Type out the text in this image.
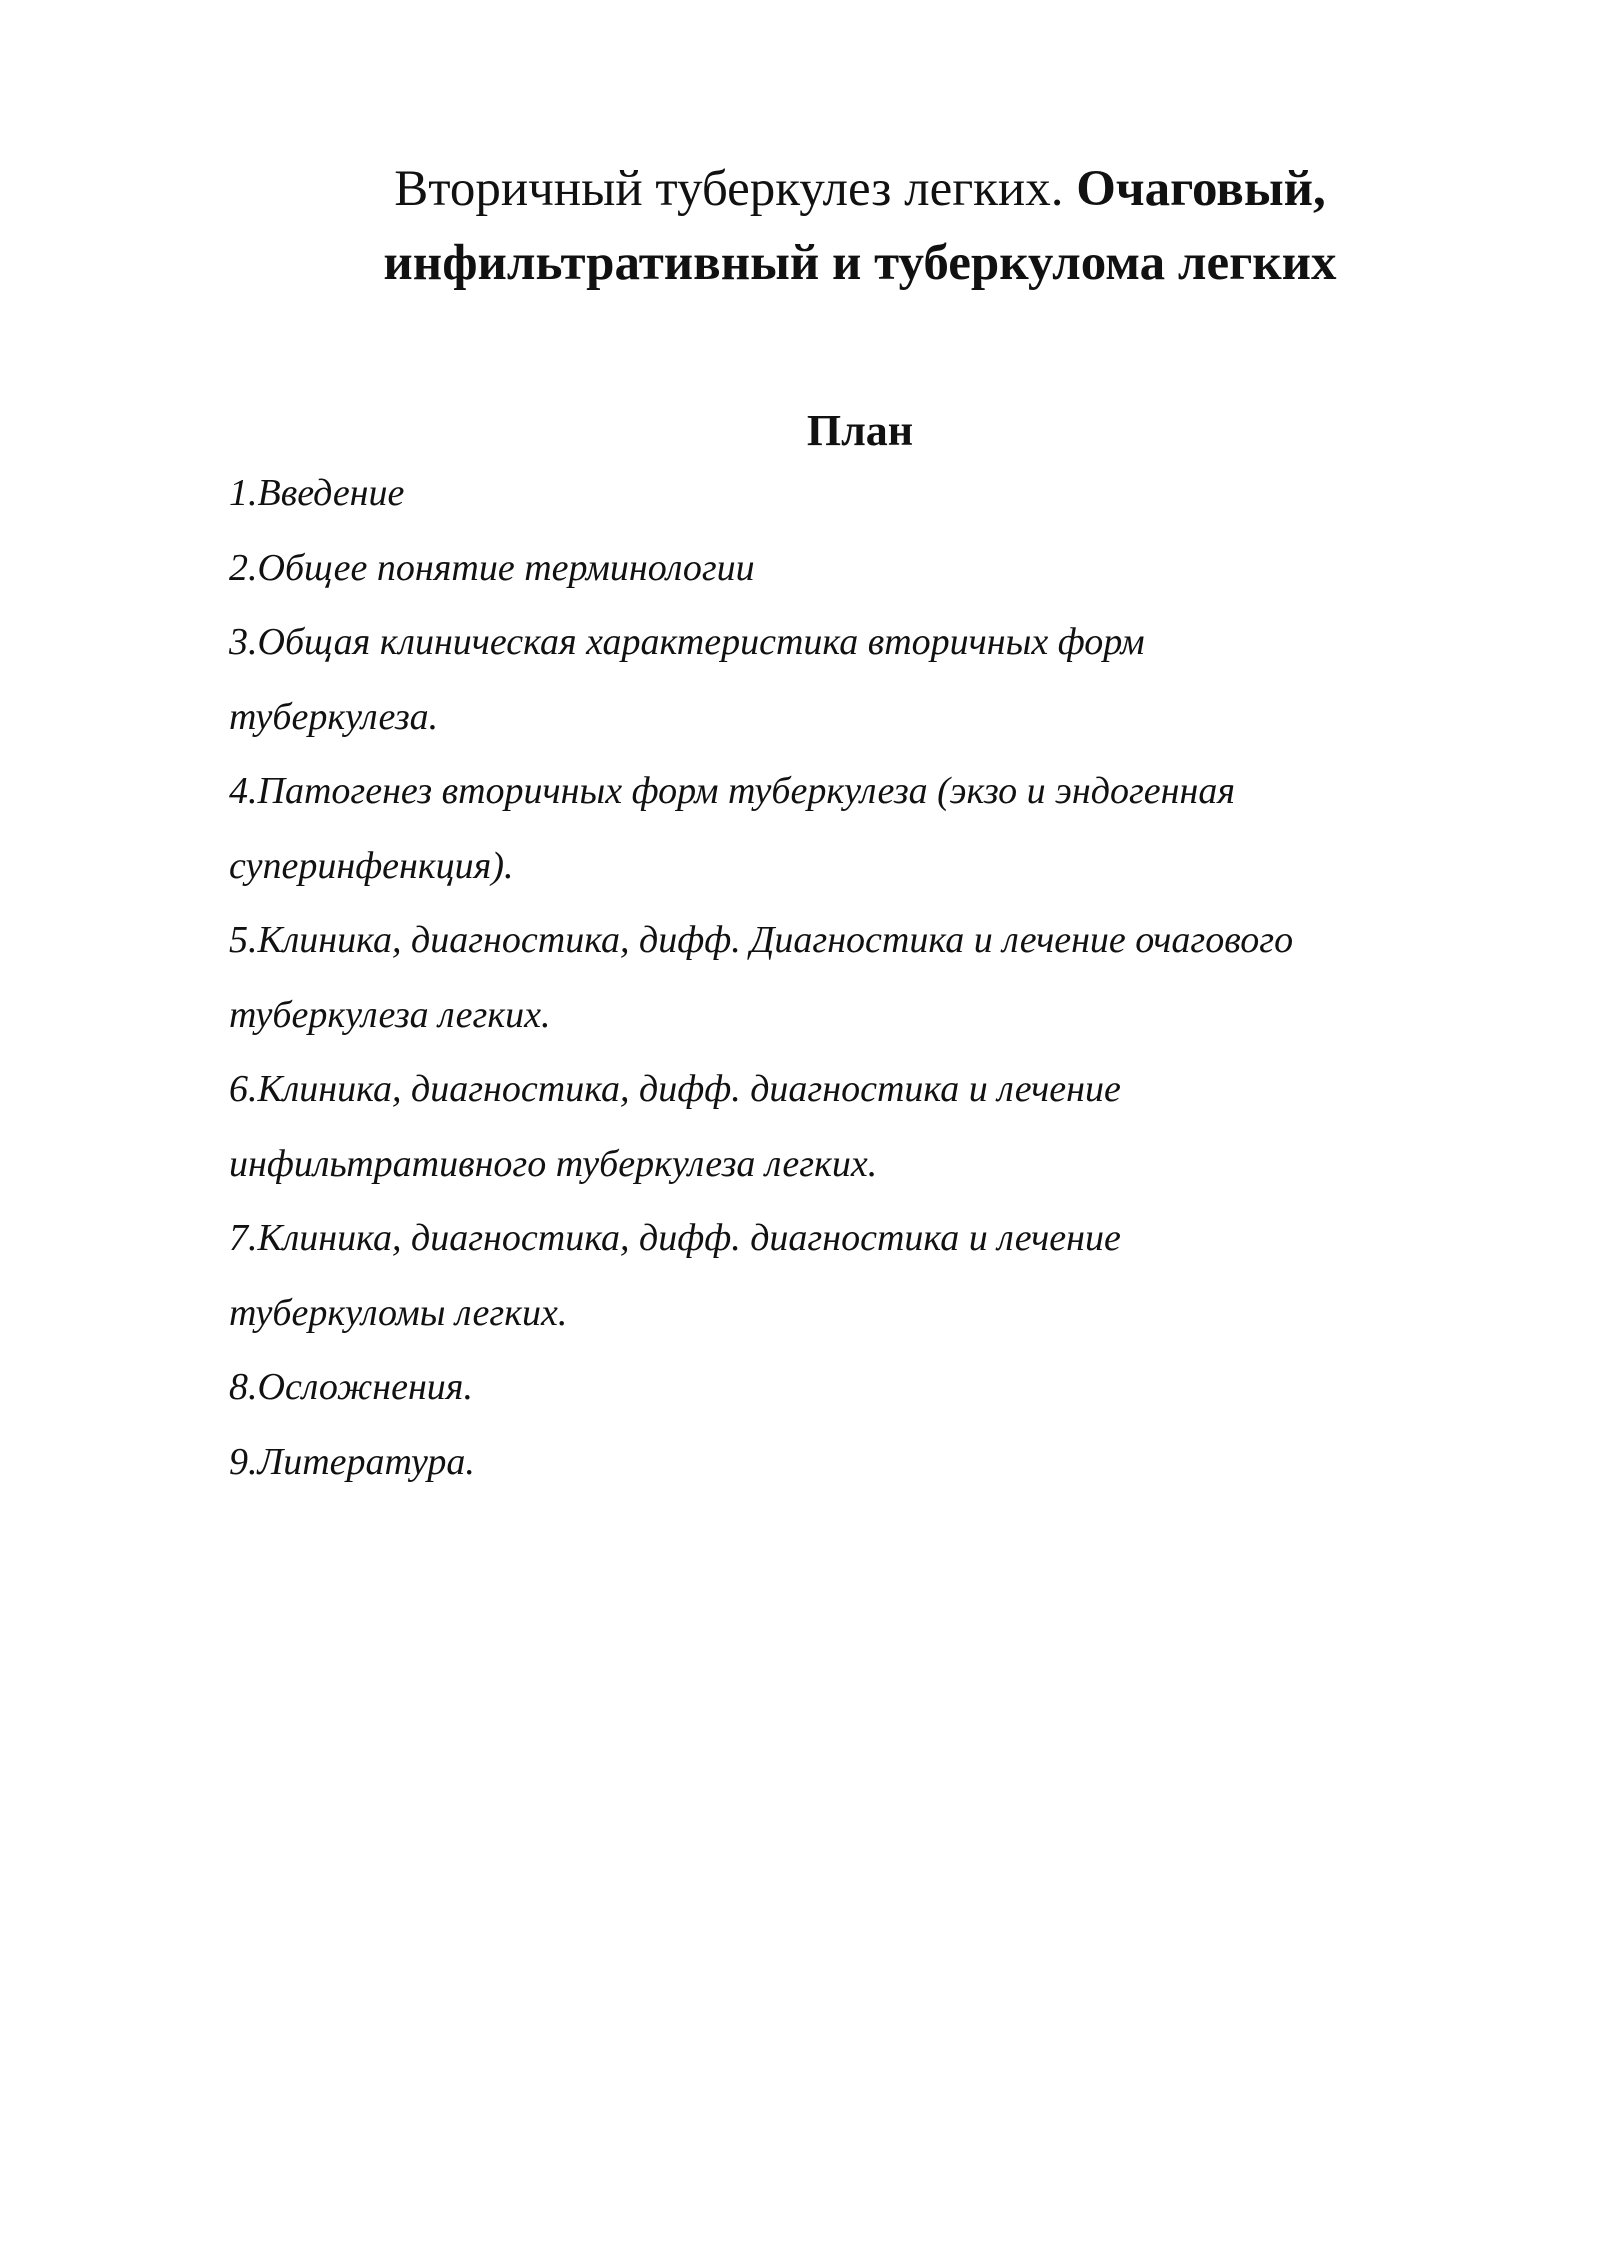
Вторичный туберкулез легких. Очаговый,
инфильтративный и туберкулома легких
План
1.Введение
2.Общее понятие терминологии
3.Общая клиническая характеристика вторичных форм
туберкулеза.
4.Патогенез вторичных форм туберкулеза (экзо и эндогенная
суперинфенкция).
5.Клиника, диагностика, дифф. Диагностика и лечение очагового
туберкулеза легких.
6.Клиника, диагностика, дифф. диагностика и лечение
инфильтративного туберкулеза легких.
7.Клиника, диагностика, дифф. диагностика и лечение
туберкуломы легких.
8.Осложнения.
9.Литература.
